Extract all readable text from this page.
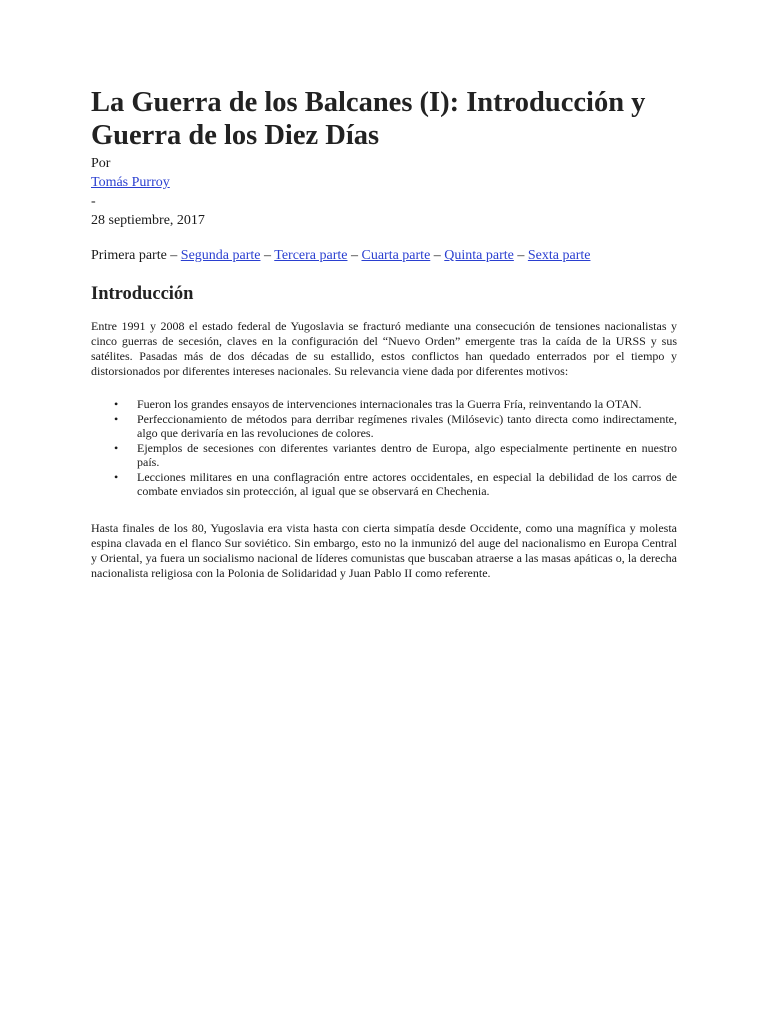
La Guerra de los Balcanes (I): Introducción y Guerra de los Diez Días
Por
Tomás Purroy
-
28 septiembre, 2017
Primera parte – Segunda parte – Tercera parte – Cuarta parte – Quinta parte – Sexta parte
Introducción

Entre 1991 y 2008 el estado federal de Yugoslavia se fracturó mediante una consecución de tensiones nacionalistas y cinco guerras de secesión, claves en la configuración del “Nuevo Orden” emergente tras la caída de la URSS y sus satélites. Pasadas más de dos décadas de su estallido, estos conflictos han quedado enterrados por el tiempo y distorsionados por diferentes intereses nacionales. Su relevancia viene dada por diferentes motivos:

• Fueron los grandes ensayos de intervenciones internacionales tras la Guerra Fría, reinventando la OTAN.
• Perfeccionamiento de métodos para derribar regímenes rivales (Milósevic) tanto directa como indirectamente, algo que derivaría en las revoluciones de colores.
• Ejemplos de secesiones con diferentes variantes dentro de Europa, algo especialmente pertinente en nuestro país.
• Lecciones militares en una conflagración entre actores occidentales, en especial la debilidad de los carros de combate enviados sin protección, al igual que se observará en Chechenia.

Hasta finales de los 80, Yugoslavia era vista hasta con cierta simpatía desde Occidente, como una magnífica y molesta espina clavada en el flanco Sur soviético. Sin embargo, esto no la inmunizó del auge del nacionalismo en Europa Central y Oriental, ya fuera un socialismo nacional de líderes comunistas que buscaban atraerse a las masas apáticas o, la derecha nacionalista religiosa con la Polonia de Solidaridad y Juan Pablo II como referente.
